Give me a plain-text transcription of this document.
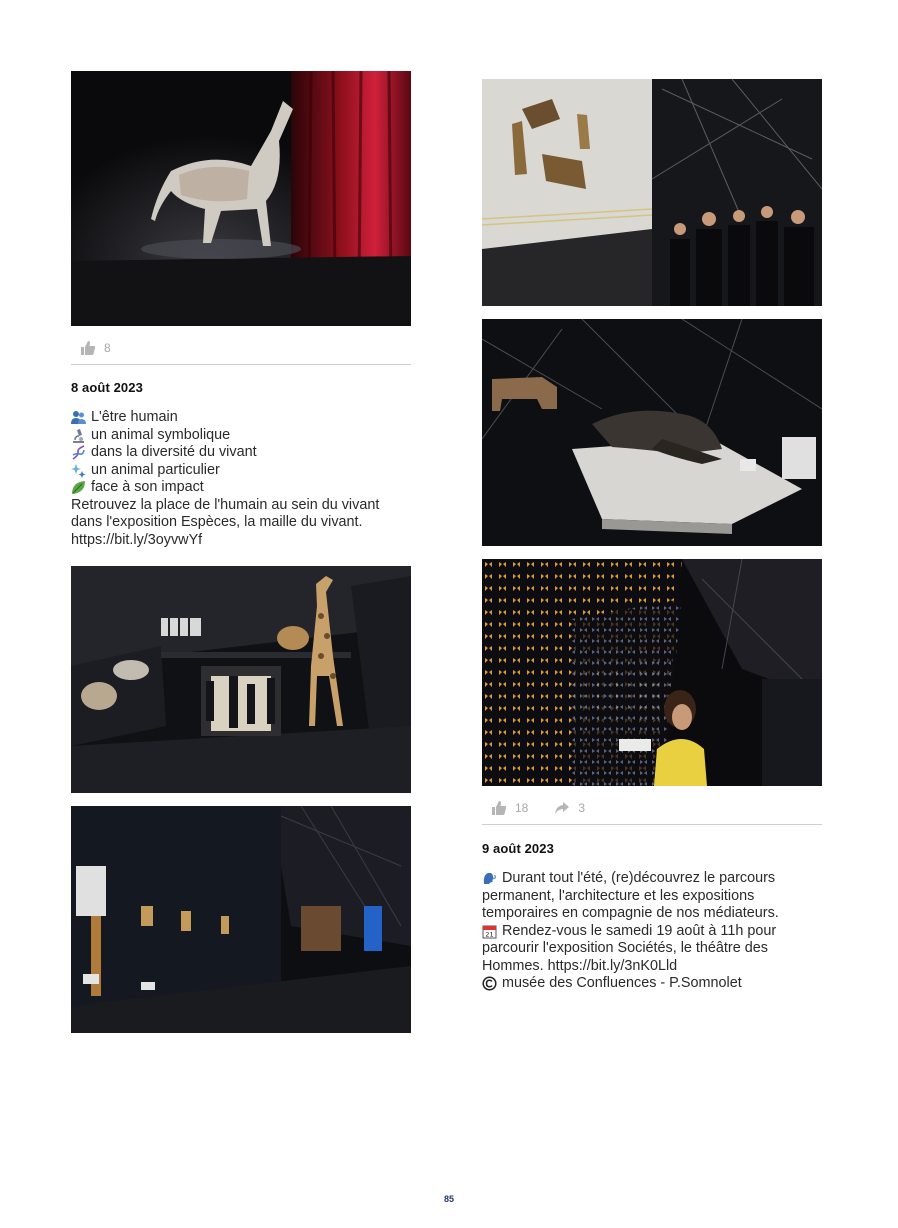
8
8 août 2023
L'être humain
un animal symbolique
dans la diversité du vivant
un animal particulier
face à son impact
Retrouvez la place de l'humain au sein du vivant
dans l'exposition Espèces, la maille du vivant.
https://bit.ly/3oyvwYf
18	3
9 août 2023
Durant tout l'été, (re)découvrez le parcours
permanent, l'architecture et les expositions
temporaires en compagnie de nos médiateurs.
21 Rendez-vous le samedi 19 août à 11h pour
parcourir l'exposition Sociétés, le théâtre des
Hommes. https://bit.ly/3nK0Lld
musée des Confluences - P.Somnolet
85
